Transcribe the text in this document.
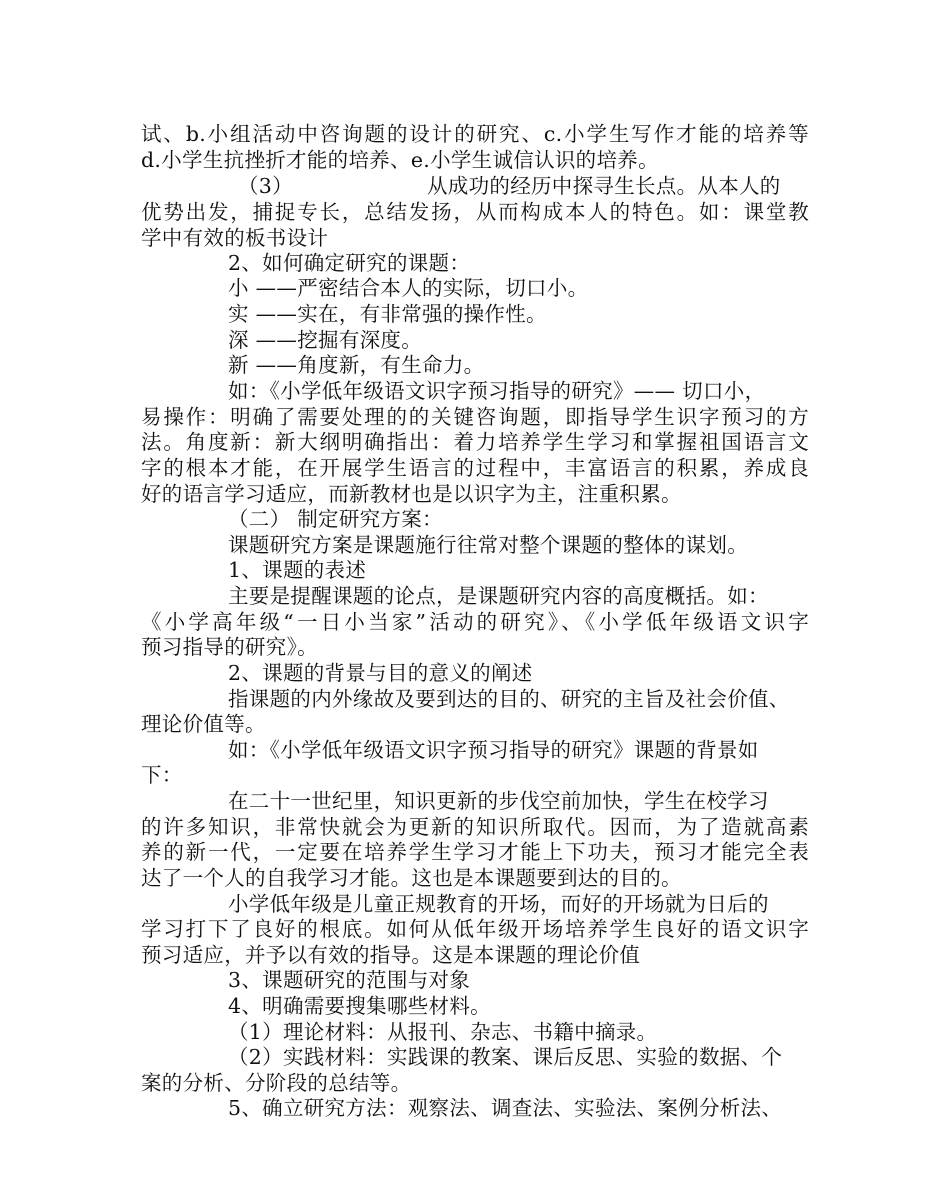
试、b.小组活动中咨询题的设计的研究、c.小学生写作才能的培养等
d.小学生抗挫折才能的培养、e.小学生诚信认识的培养。
（3）	从成功的经历中探寻生长点。从本人的
优势出发，捕捉专长，总结发扬，从而构成本人的特色。如：课堂教
学中有效的板书设计
2、如何确定研究的课题：
小 ——严密结合本人的实际，切口小。
实 ——实在，有非常强的操作性。
深 ——挖掘有深度。
新 ——角度新，有生命力。
如：《小学低年级语文识字预习指导的研究》—— 切口小，
易操作：明确了需要处理的的关键咨询题，即指导学生识字预习的方
法。角度新：新大纲明确指出：着力培养学生学习和掌握祖国语言文
字的根本才能，在开展学生语言的过程中，丰富语言的积累，养成良
好的语言学习适应，而新教材也是以识字为主，注重积累。
（二） 制定研究方案：
课题研究方案是课题施行往常对整个课题的整体的谋划。
1、课题的表述
主要是提醒课题的论点，是课题研究内容的高度概括。如：
《小学高年级“一日小当家”活动的研究》、《小学低年级语文识字
预习指导的研究》。
2、课题的背景与目的意义的阐述
指课题的内外缘故及要到达的目的、研究的主旨及社会价值、
理论价值等。
如：《小学低年级语文识字预习指导的研究》课题的背景如
下：
在二十一世纪里，知识更新的步伐空前加快，学生在校学习
的许多知识，非常快就会为更新的知识所取代。因而，为了造就高素
养的新一代，一定要在培养学生学习才能上下功夫，预习才能完全表
达了一个人的自我学习才能。这也是本课题要到达的目的。
小学低年级是儿童正规教育的开场，而好的开场就为日后的
学习打下了良好的根底。如何从低年级开场培养学生良好的语文识字
预习适应，并予以有效的指导。这是本课题的理论价值
3、课题研究的范围与对象
4、明确需要搜集哪些材料。
（1）理论材料：从报刊、杂志、书籍中摘录。
（2）实践材料：实践课的教案、课后反思、实验的数据、个
案的分析、分阶段的总结等。
5、确立研究方法：观察法、调查法、实验法、案例分析法、
